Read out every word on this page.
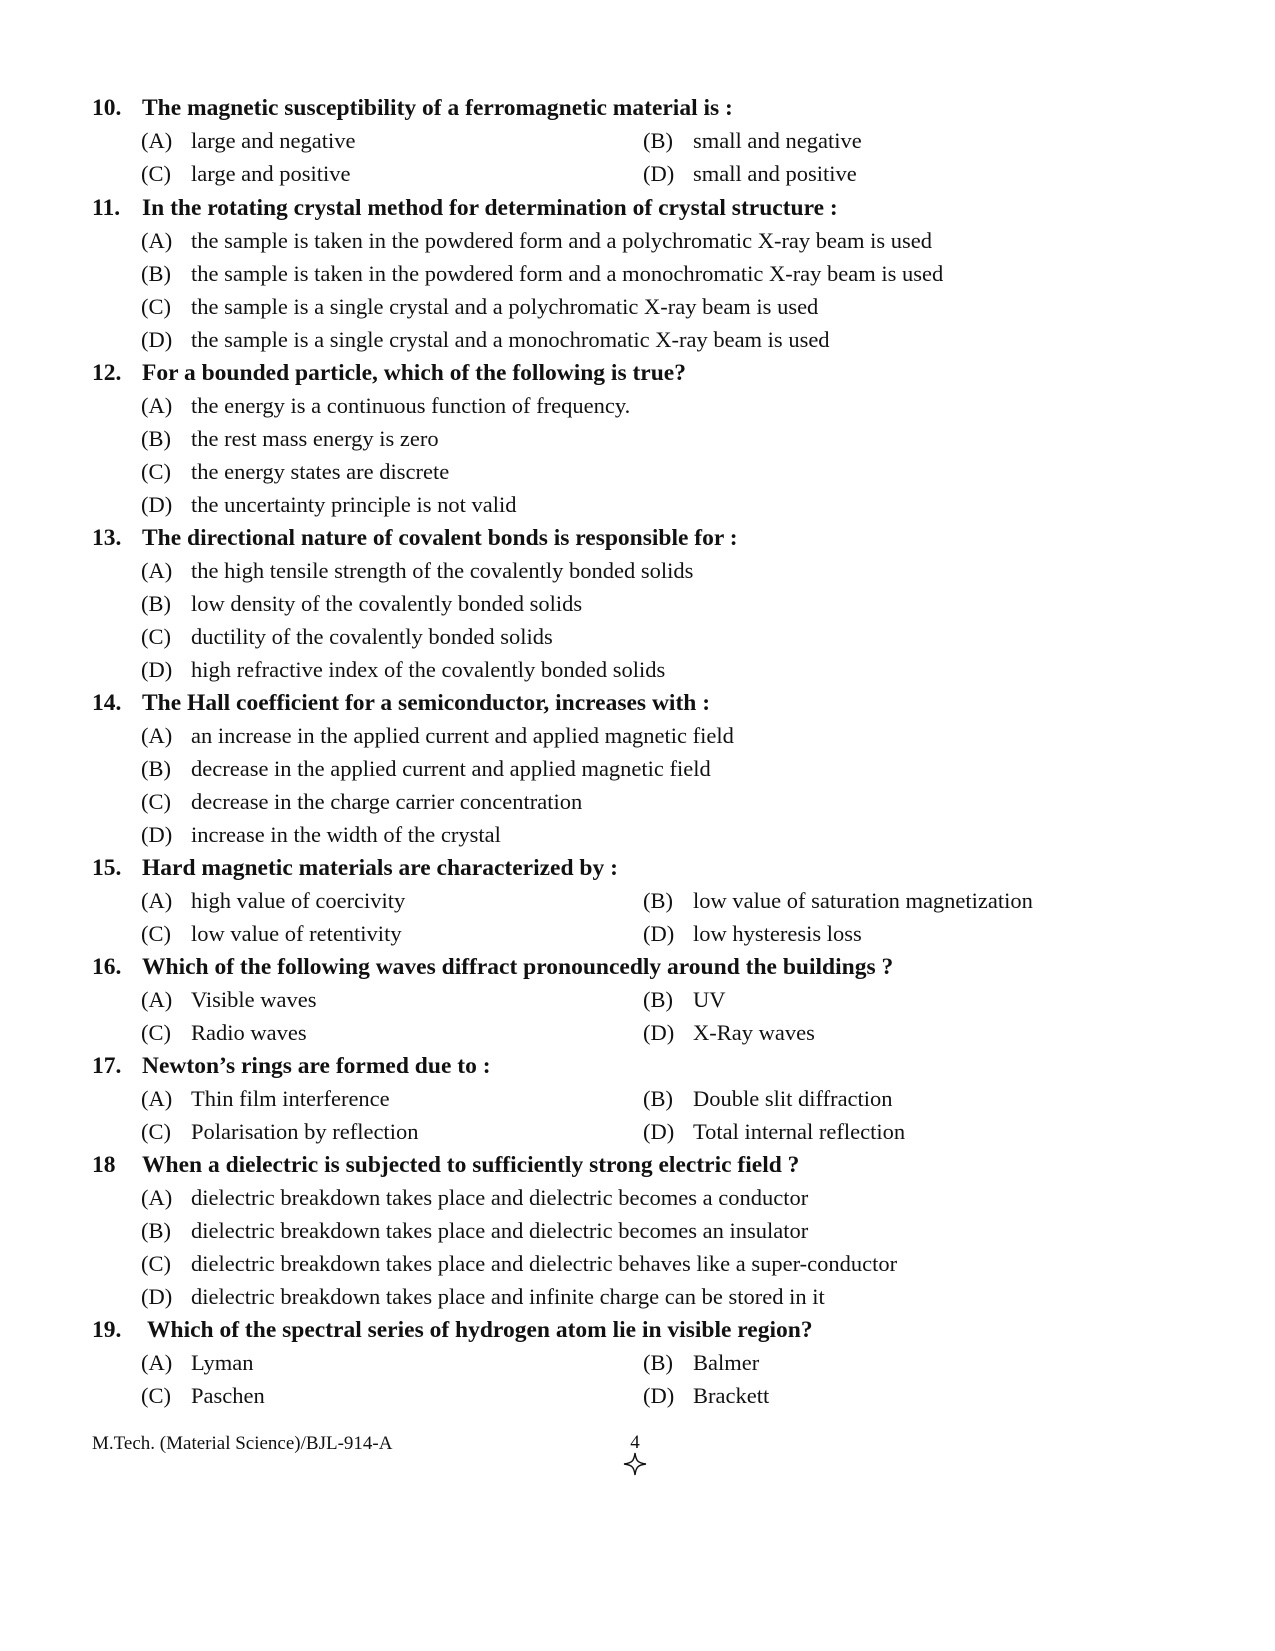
10. The magnetic susceptibility of a ferromagnetic material is :
(A) large and negative	(B) small and negative
(C) large and positive	(D) small and positive
11. In the rotating crystal method for determination of crystal structure :
(A) the sample is taken in the powdered form and a polychromatic X-ray beam is used
(B) the sample is taken in the powdered form and a monochromatic X-ray beam is used
(C) the sample is a single crystal and a polychromatic X-ray beam is used
(D) the sample is a single crystal and a monochromatic X-ray beam is used
12. For a bounded particle, which of the following is true?
(A) the energy is a continuous function of frequency.
(B) the rest mass energy is zero
(C) the energy states are discrete
(D) the uncertainty principle is not valid
13. The directional nature of covalent bonds is responsible for :
(A) the high tensile strength of the covalently bonded solids
(B) low density of the covalently bonded solids
(C) ductility of the covalently bonded solids
(D) high refractive index of the covalently bonded solids
14. The Hall coefficient for a semiconductor, increases with :
(A) an increase in the applied current and applied magnetic field
(B) decrease in the applied current and applied magnetic field
(C) decrease in the charge carrier concentration
(D) increase in the width of the crystal
15. Hard magnetic materials are characterized by :
(A) high value of coercivity	(B) low value of saturation magnetization
(C) low value of retentivity	(D) low hysteresis loss
16. Which of the following waves diffract pronouncedly around the buildings ?
(A) Visible waves	(B) UV
(C) Radio waves	(D) X-Ray waves
17. Newton’s rings are formed due to :
(A) Thin film interference	(B) Double slit diffraction
(C) Polarisation by reflection	(D) Total internal reflection
18 When a dielectric is subjected to sufficiently strong electric field ?
(A) dielectric breakdown takes place and dielectric becomes a conductor
(B) dielectric breakdown takes place and dielectric becomes an insulator
(C) dielectric breakdown takes place and dielectric behaves like a super-conductor
(D) dielectric breakdown takes place and infinite charge can be stored in it
19. Which of the spectral series of hydrogen atom lie in visible region?
(A) Lyman	(B) Balmer
(C) Paschen	(D) Brackett
M.Tech. (Material Science)/BJL-914-A	4
